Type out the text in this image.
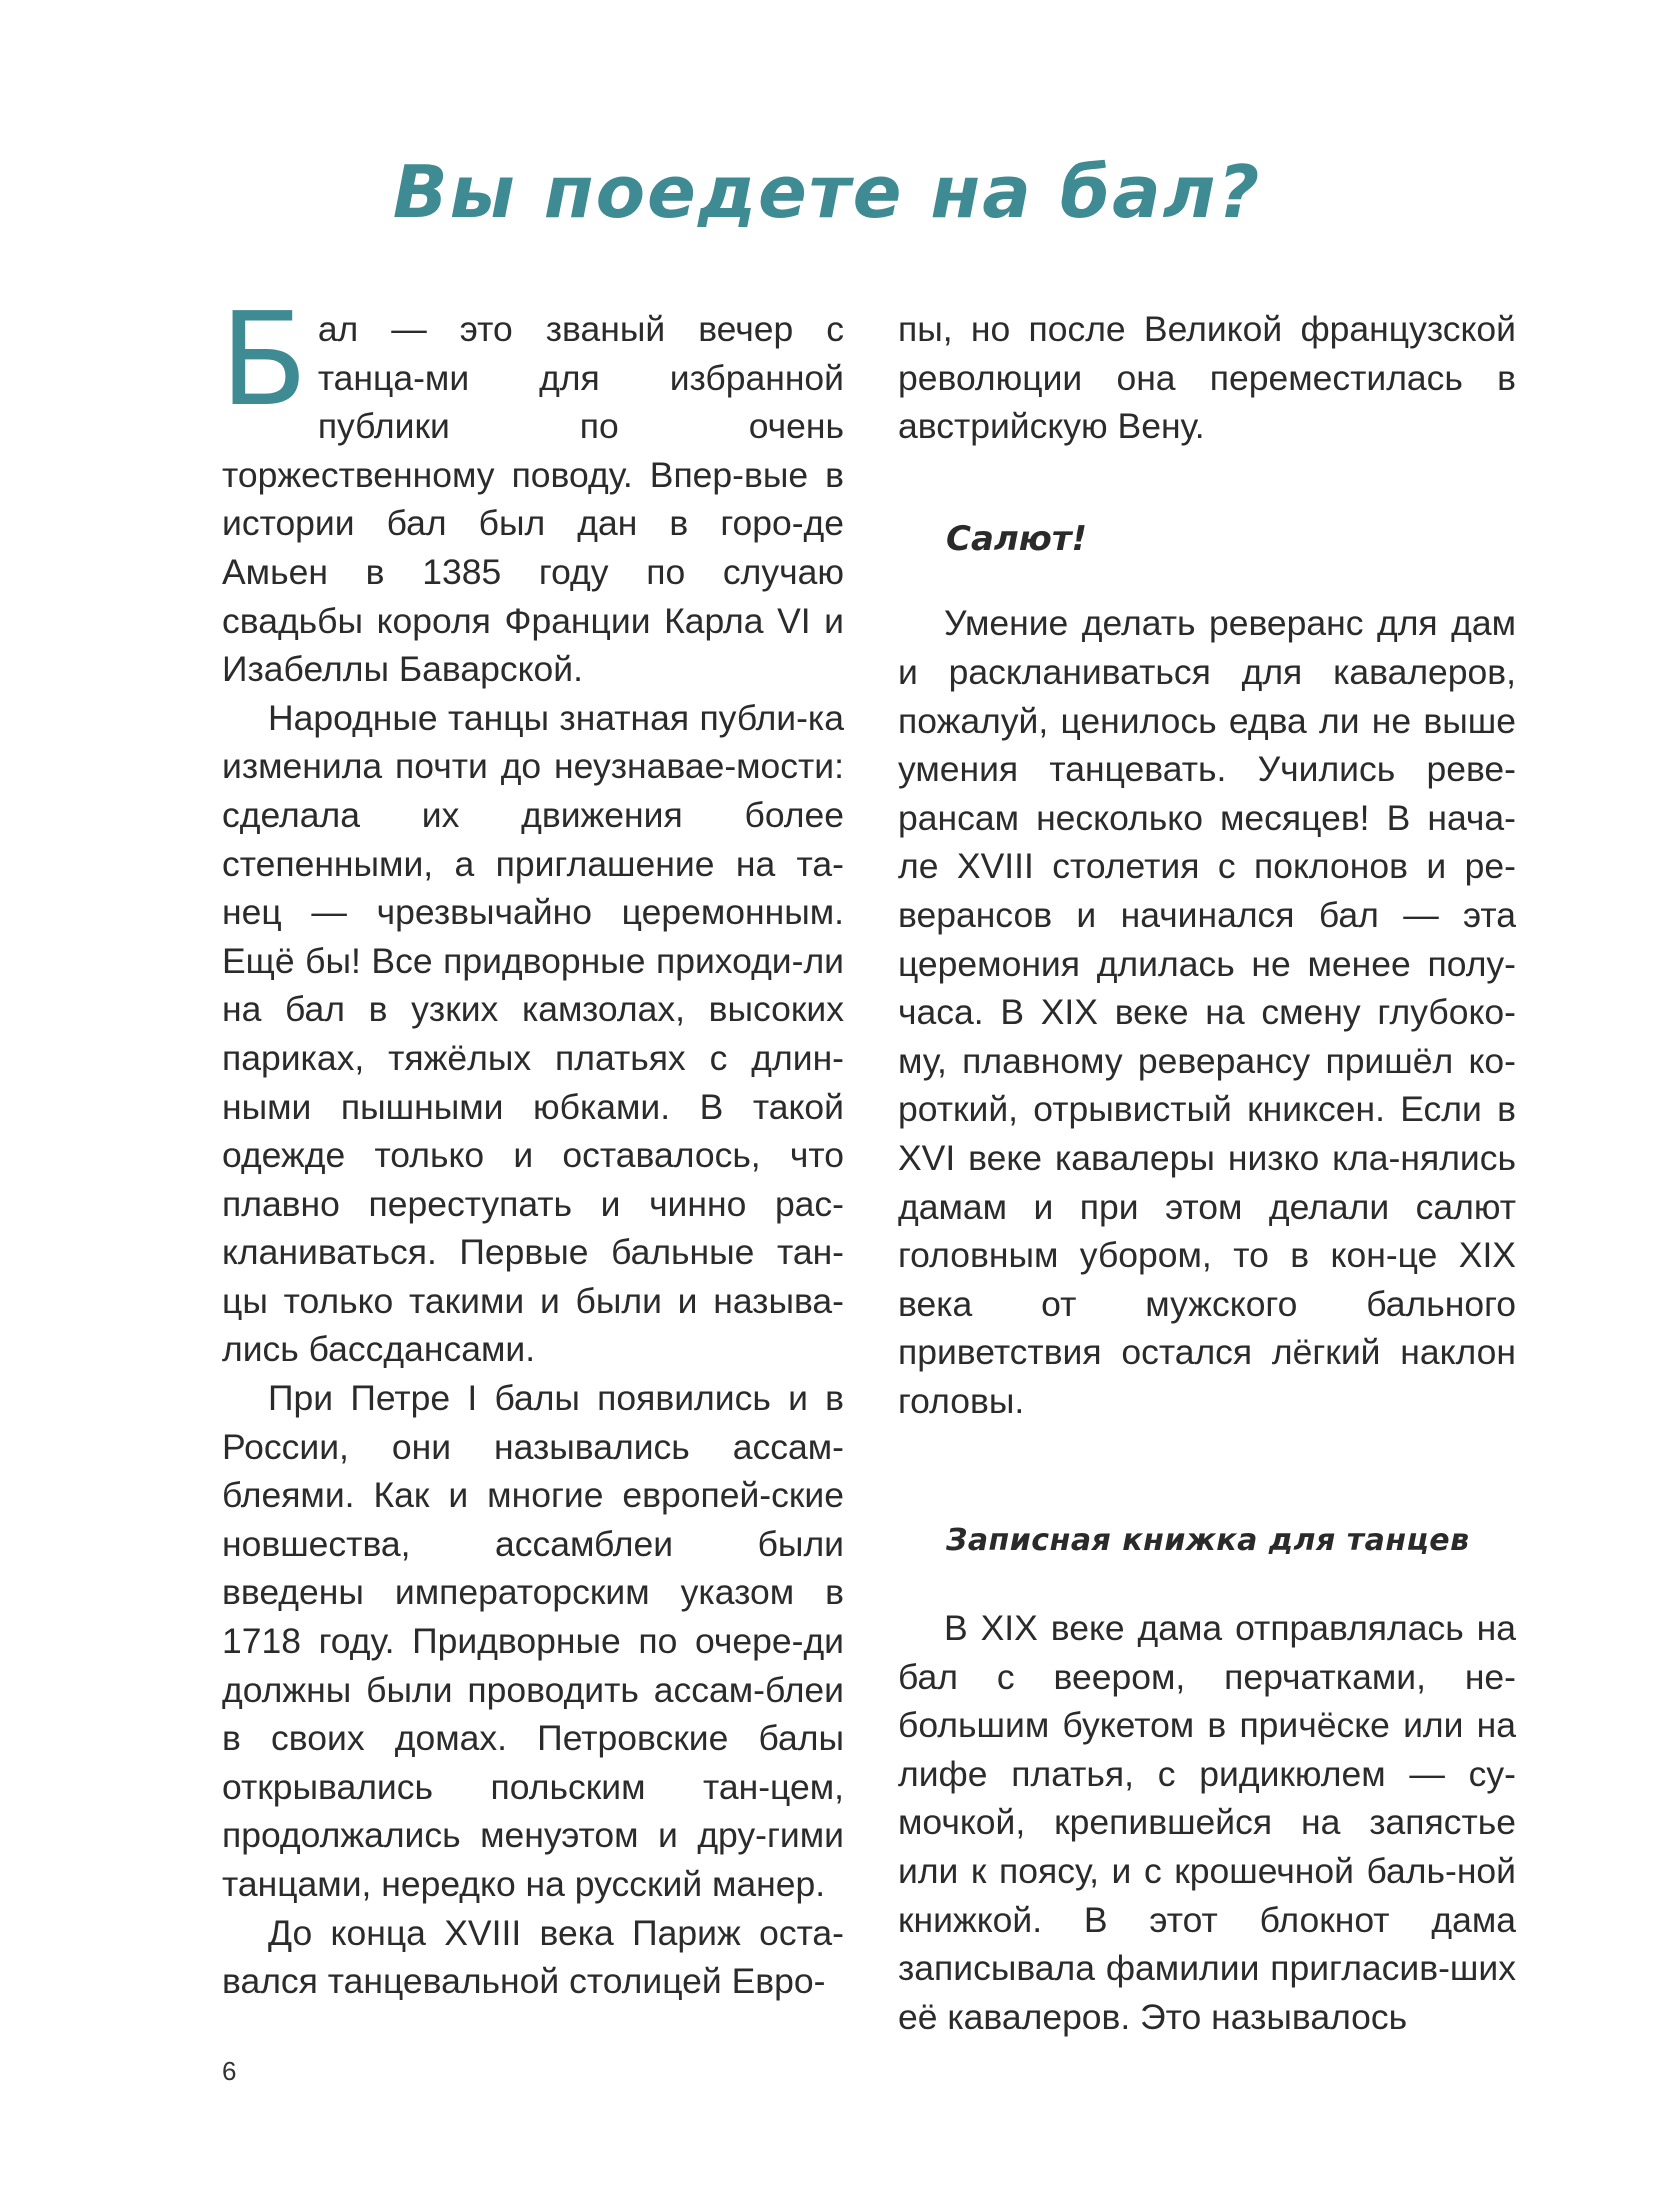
Вы поедете на бал?

Бал — это званый вечер с танца-ми для избранной публики по очень торжественному поводу. Впер-вые в истории бал был дан в горо-де Амьен в 1385 году по случаю свадьбы короля Франции Карла VI и Изабеллы Баварской.

Народные танцы знатная публи-ка изменила почти до неузнавае-мости: сделала их движения более степенными, а приглашение на та-нец — чрезвычайно церемонным. Ещё бы! Все придворные приходи-ли на бал в узких камзолах, высоких париках, тяжёлых платьях с длин-ными пышными юбками. В такой одежде только и оставалось, что плавно переступать и чинно рас-кланиваться. Первые бальные тан-цы только такими и были и называ-лись бассдансами.

При Петре I балы появились и в России, они назывались ассам-блеями. Как и многие европей-ские новшества, ассамблеи были введены императорским указом в 1718 году. Придворные по очере-ди должны были проводить ассам-блеи в своих домах. Петровские балы открывались польским тан-цем, продолжались менуэтом и дру-гими танцами, нередко на русский манер.

До конца XVIII века Париж оста-вался танцевальной столицей Евро-

пы, но после Великой французской революции она переместилась в австрийскую Вену.

Салют!

Умение делать реверанс для дам и раскланиваться для кавалеров, пожалуй, ценилось едва ли не выше умения танцевать. Учились реве-рансам несколько месяцев! В нача-ле XVIII столетия с поклонов и ре-верансов и начинался бал — эта церемония длилась не менее полу-часа. В XIX веке на смену глубоко-му, плавному реверансу пришёл ко-роткий, отрывистый книксен. Если в XVI веке кавалеры низко кла-нялись дамам и при этом делали салют головным убором, то в кон-це XIX века от мужского бального приветствия остался лёгкий наклон головы.

Записная книжка для танцев

В XIX веке дама отправлялась на бал с веером, перчатками, не-большим букетом в причёске или на лифе платья, с ридикюлем — су-мочкой, крепившейся на запястье или к поясу, и с крошечной баль-ной книжкой. В этот блокнот дама записывала фамилии пригласив-ших её кавалеров. Это называлось

6
